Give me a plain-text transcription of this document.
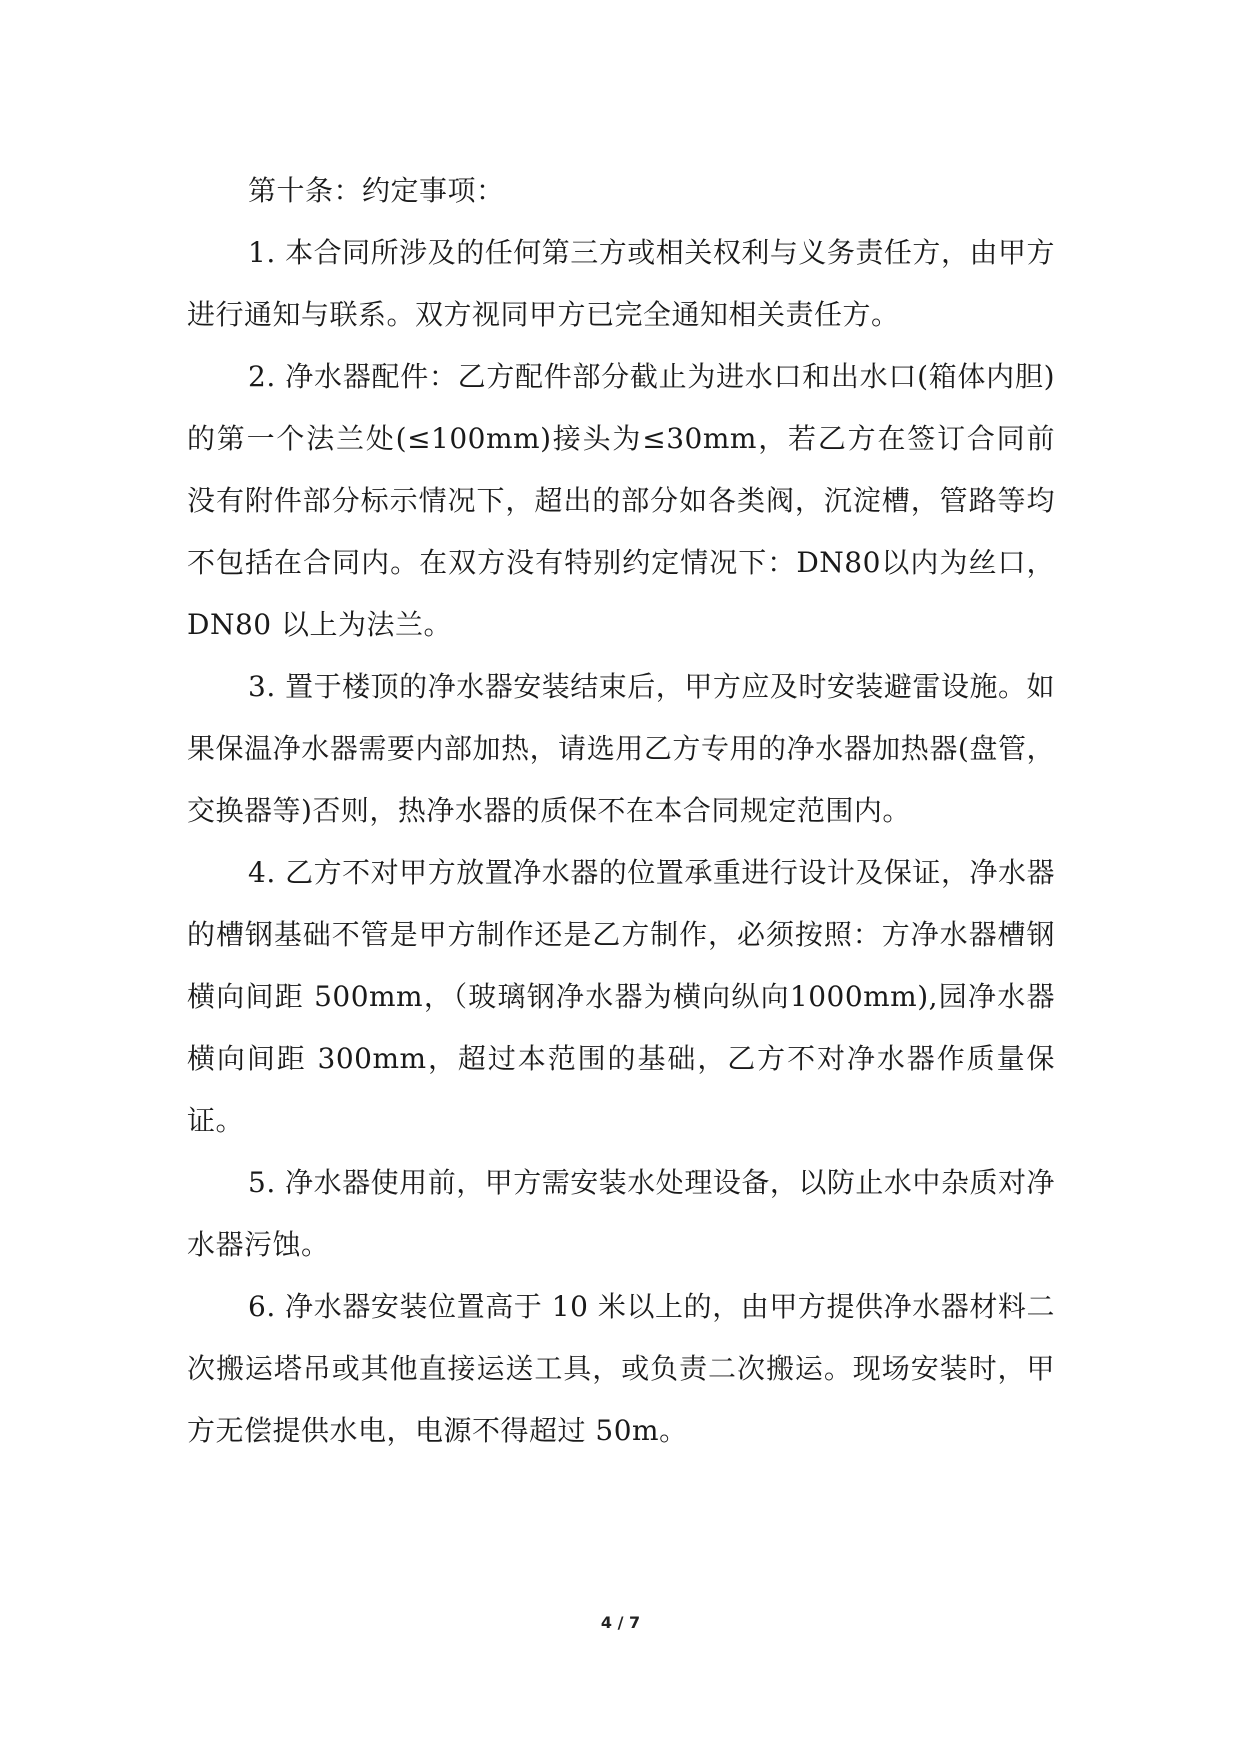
第十条：约定事项：

1. 本合同所涉及的任何第三方或相关权利与义务责任方，由甲方进行通知与联系。双方视同甲方已完全通知相关责任方。

2. 净水器配件：乙方配件部分截止为进水口和出水口(箱体内胆)的第一个法兰处(≤100mm)接头为≤30mm，若乙方在签订合同前没有附件部分标示情况下，超出的部分如各类阀，沉淀槽，管路等均不包括在合同内。在双方没有特别约定情况下：DN80以内为丝口，DN80 以上为法兰。

3. 置于楼顶的净水器安装结束后，甲方应及时安装避雷设施。如果保温净水器需要内部加热，请选用乙方专用的净水器加热器(盘管，交换器等)否则，热净水器的质保不在本合同规定范围内。

4. 乙方不对甲方放置净水器的位置承重进行设计及保证，净水器的槽钢基础不管是甲方制作还是乙方制作，必须按照：方净水器槽钢横向间距 500mm，（玻璃钢净水器为横向纵向1000mm),园净水器横向间距 300mm，超过本范围的基础，乙方不对净水器作质量保证。

5. 净水器使用前，甲方需安装水处理设备，以防止水中杂质对净水器污蚀。

6. 净水器安装位置高于 10 米以上的，由甲方提供净水器材料二次搬运塔吊或其他直接运送工具，或负责二次搬运。现场安装时，甲方无偿提供水电，电源不得超过 50m。

4 / 7
